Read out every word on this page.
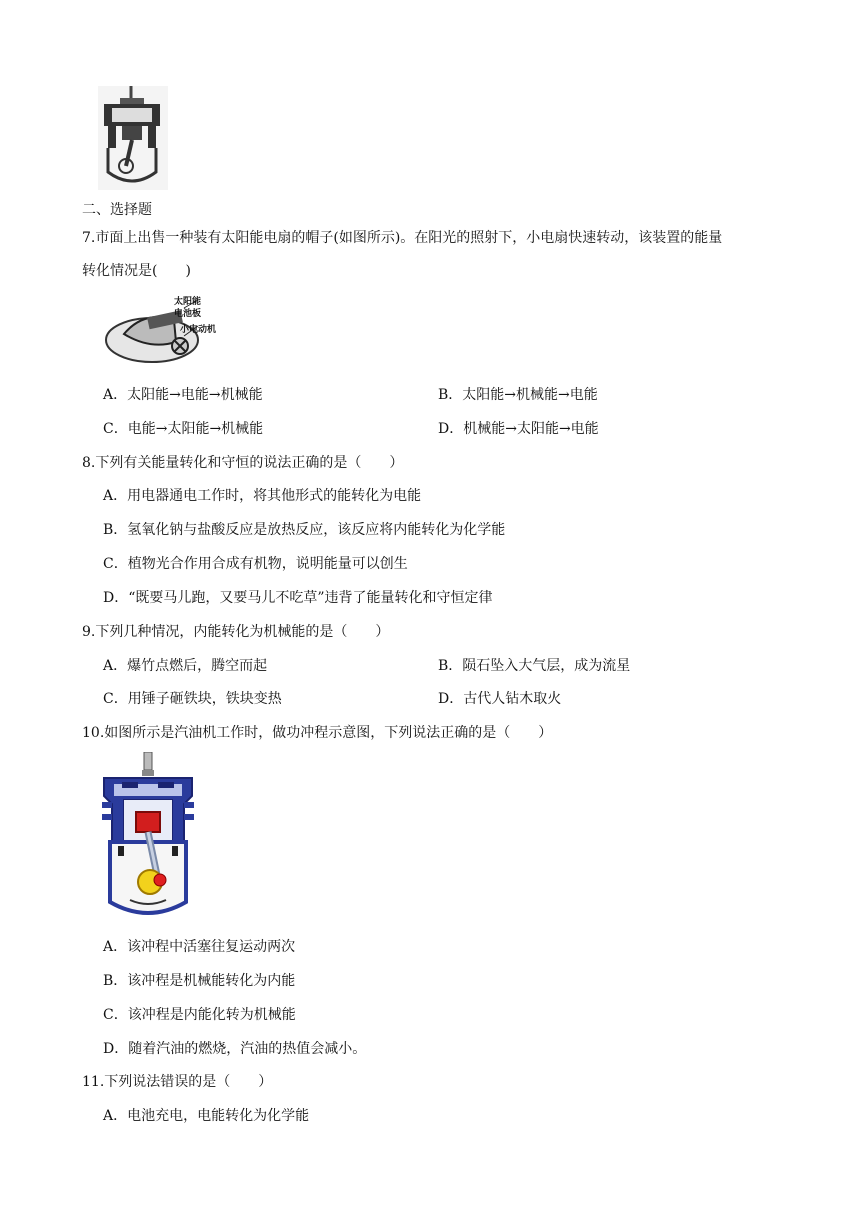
二、选择题
7.市面上出售一种装有太阳能电扇的帽子(如图所示)。在阳光的照射下，小电扇快速转动，该装置的能量
转化情况是(　　)
太阳能
电池板
小电动机
A．太阳能→电能→机械能	B．太阳能→机械能→电能
C．电能→太阳能→机械能	D．机械能→太阳能→电能
8.下列有关能量转化和守恒的说法正确的是（　　）
A．用电器通电工作时，将其他形式的能转化为电能
B．氢氧化钠与盐酸反应是放热反应，该反应将内能转化为化学能
C．植物光合作用合成有机物，说明能量可以创生
D．“既要马儿跑，又要马儿不吃草”违背了能量转化和守恒定律
9.下列几种情况，内能转化为机械能的是（　　）
A．爆竹点燃后，腾空而起	B．陨石坠入大气层，成为流星
C．用锤子砸铁块，铁块变热	D．古代人钻木取火
10.如图所示是汽油机工作时，做功冲程示意图，下列说法正确的是（　　）
A．该冲程中活塞往复运动两次
B．该冲程是机械能转化为内能
C．该冲程是内能化转为机械能
D．随着汽油的燃烧，汽油的热值会减小。
11.下列说法错误的是（　　）
A．电池充电，电能转化为化学能
